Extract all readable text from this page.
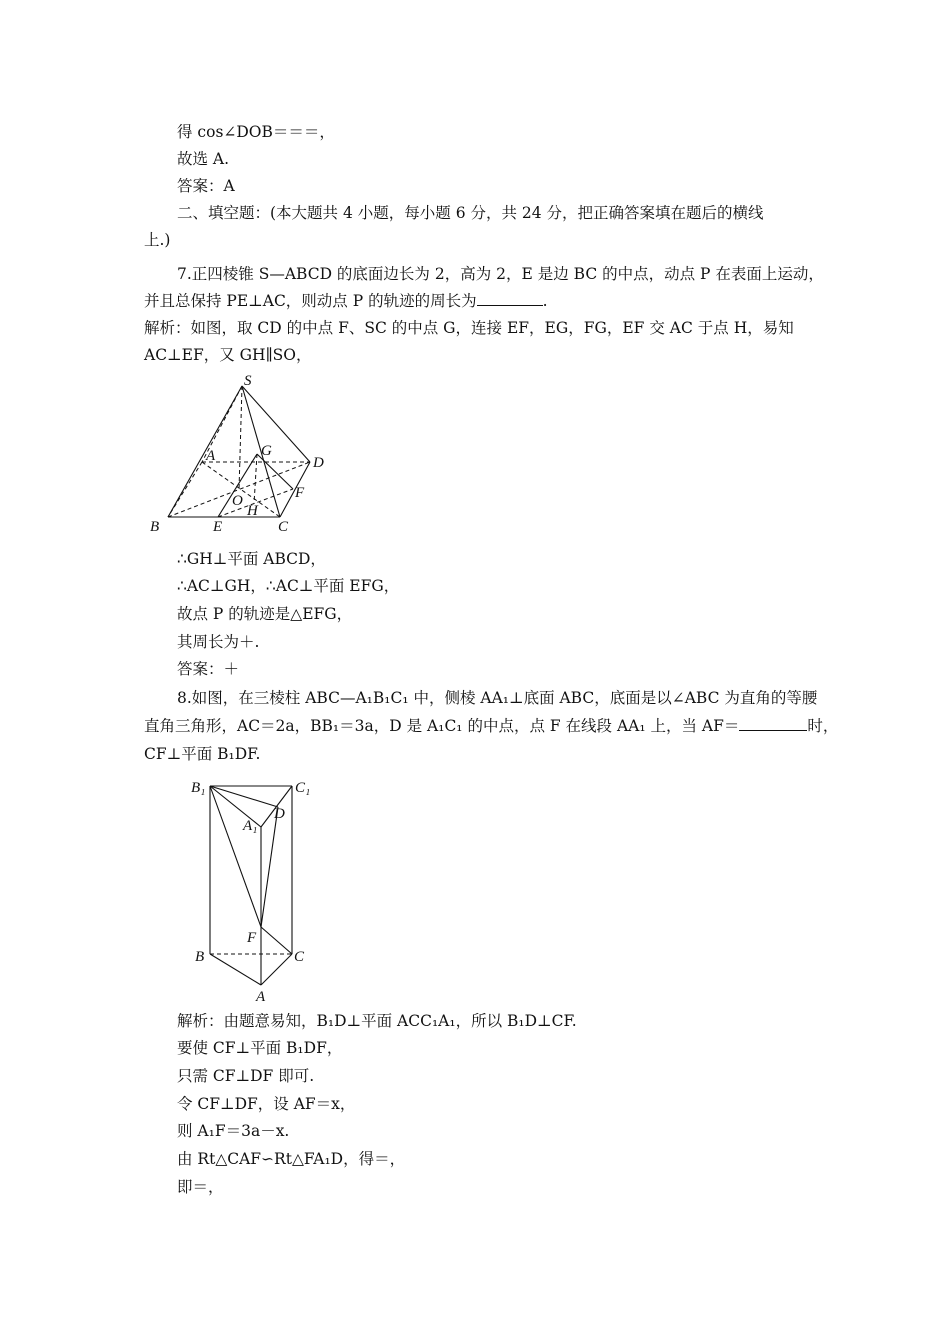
得 cos∠DOB＝＝＝，
故选 A.
答案：A
二、填空题：(本大题共 4 小题，每小题 6 分，共 24 分，把正确答案填在题后的横线
上.)
7.正四棱锥 S—ABCD 的底面边长为 2，高为 2，E 是边 BC 的中点，动点 P 在表面上运动，
并且总保持 PE⊥AC，则动点 P 的轨迹的周长为	.
解析：如图，取 CD 的中点 F、SC 的中点 G，连接 EF，EG，FG，EF 交 AC 于点 H，易知
AC⊥EF，又 GH∥SO，
S
A	G
D
F
O
H
B	E	C
∴GH⊥平面 ABCD，
∴AC⊥GH，∴AC⊥平面 EFG，
故点 P 的轨迹是△EFG，
其周长为＋.
答案：＋
8.如图，在三棱柱 ABC—A₁B₁C₁ 中，侧棱 AA₁⊥底面 ABC，底面是以∠ABC 为直角的等腰
直角三角形，AC＝2a，BB₁＝3a，D 是 A₁C₁ 的中点，点 F 在线段 AA₁ 上，当 AF＝	时，
CF⊥平面 B₁DF.
B₁	C₁
D
A₁
F
B	C
A
解析：由题意易知，B₁D⊥平面 ACC₁A₁，所以 B₁D⊥CF.
要使 CF⊥平面 B₁DF，
只需 CF⊥DF 即可.
令 CF⊥DF，设 AF＝x，
则 A₁F＝3a－x.
由 Rt△CAF∽Rt△FA₁D，得＝，
即＝，
